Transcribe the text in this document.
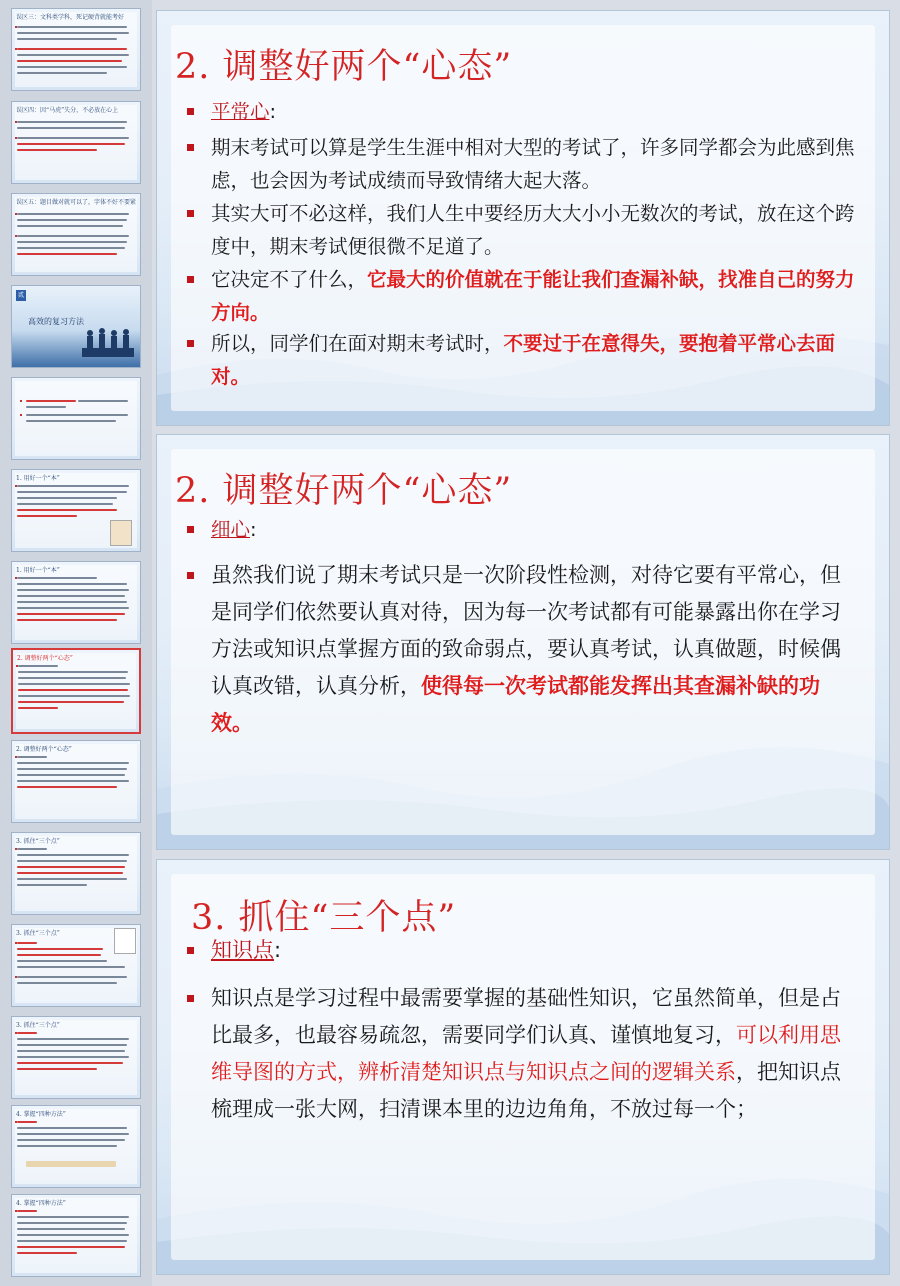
误区三：文科类学科，死记硬背就能考好
误区四：因“马虎”失分，不必放在心上
误区五：题目做对就可以了，字体不好不要紧
贰
高效的复习方法
1. 用好一个“本”
1. 用好一个“本”
2. 调整好两个“心态”
2. 调整好两个“心态”
3. 抓住“三个点”
3. 抓住“三个点”
3. 抓住“三个点”
4. 掌握“四种方法”
4. 掌握“四种方法”
2. 调整好两个“心态”
平常心:
期末考试可以算是学生生涯中相对大型的考试了，许多同学都会为此感到焦虑，也会因为考试成绩而导致情绪大起大落。
其实大可不必这样，我们人生中要经历大大小小无数次的考试，放在这个跨度中，期末考试便很微不足道了。
它决定不了什么，它最大的价值就在于能让我们查漏补缺，找准自己的努力方向。
所以，同学们在面对期末考试时，不要过于在意得失，要抱着平常心去面对。
2. 调整好两个“心态”
细心:
虽然我们说了期末考试只是一次阶段性检测，对待它要有平常心，但是同学们依然要认真对待，因为每一次考试都有可能暴露出你在学习方法或知识点掌握方面的致命弱点，要认真考试，认真做题，时候偶认真改错，认真分析，使得每一次考试都能发挥出其查漏补缺的功效。
3. 抓住“三个点”
知识点:
知识点是学习过程中最需要掌握的基础性知识，它虽然简单，但是占比最多，也最容易疏忽，需要同学们认真、谨慎地复习，可以利用思维导图的方式，辨析清楚知识点与知识点之间的逻辑关系，把知识点梳理成一张大网，扫清课本里的边边角角，不放过每一个；
